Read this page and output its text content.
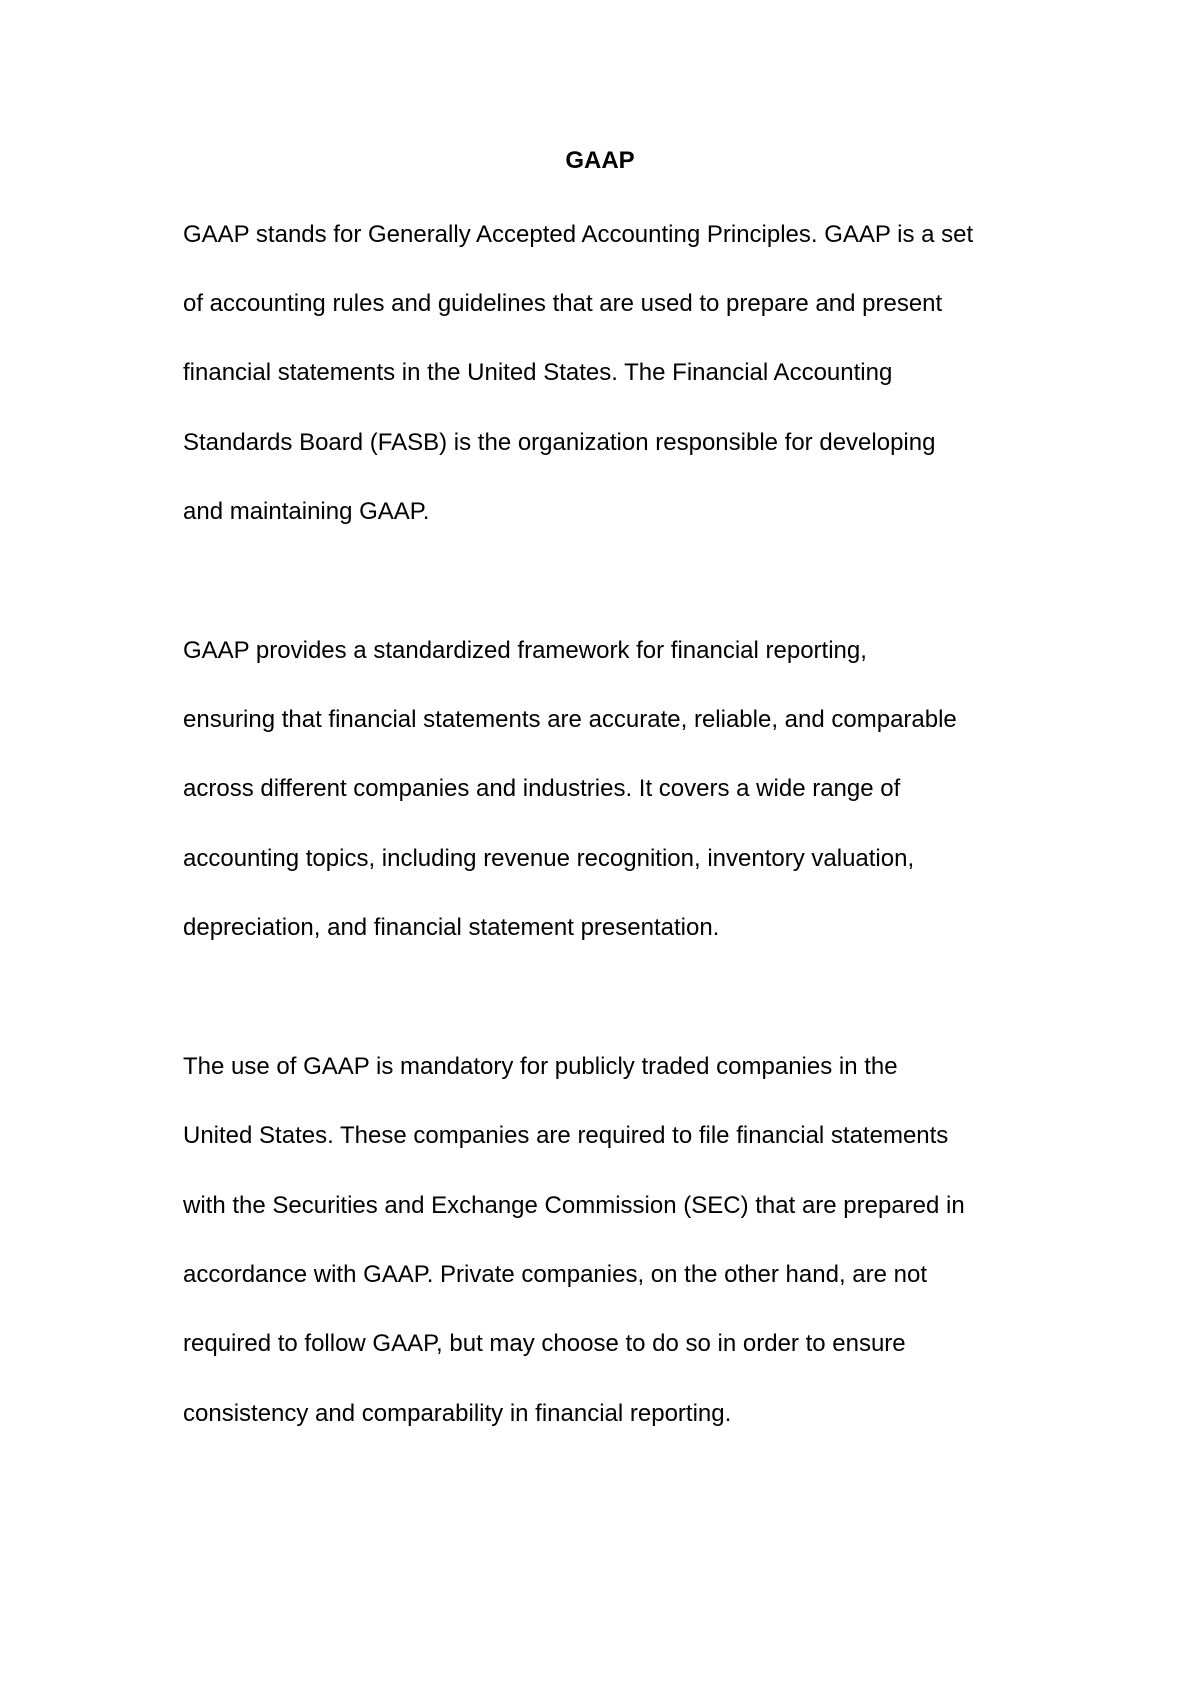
GAAP
GAAP stands for Generally Accepted Accounting Principles. GAAP is a set
of accounting rules and guidelines that are used to prepare and present
financial statements in the United States. The Financial Accounting
Standards Board (FASB) is the organization responsible for developing
and maintaining GAAP.
GAAP provides a standardized framework for financial reporting,
ensuring that financial statements are accurate, reliable, and comparable
across different companies and industries. It covers a wide range of
accounting topics, including revenue recognition, inventory valuation,
depreciation, and financial statement presentation.
The use of GAAP is mandatory for publicly traded companies in the
United States. These companies are required to file financial statements
with the Securities and Exchange Commission (SEC) that are prepared in
accordance with GAAP. Private companies, on the other hand, are not
required to follow GAAP, but may choose to do so in order to ensure
consistency and comparability in financial reporting.
